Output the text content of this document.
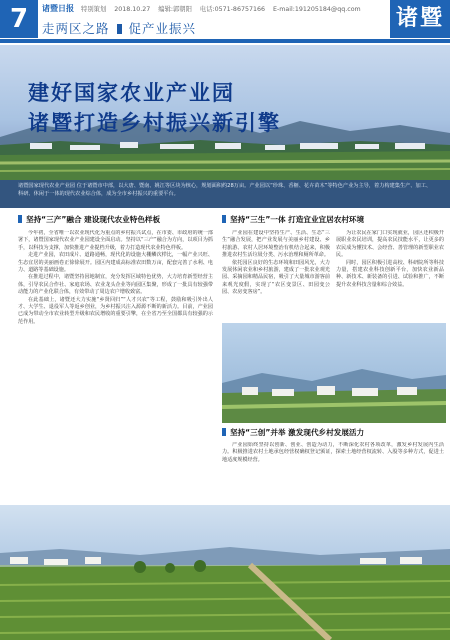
7	诸暨日报 特别策划 2018.10.27 编辑:郭朝阳 电话:0571-86757166 E-mail:191205184@qq.com
走两区之路 促产业振兴	诸暨
建好国家农业产业园
诸暨打造乡村振兴新引擎
诸暨国家现代农业产业园 位于诸暨市中部，以大唐、暨南、姚江等区块为核心，规划面积约28万亩。产业园以“珍珠、香榧、花卉苗木”等特色产业为主导，着力构建集生产、加工、科研、休闲于一体的现代农业综合体，成为全市乡村振兴的重要平台。
坚持“三产”融合 建设现代农业特色样板

今年初，全省唯一以农业现代化为重点的乡村振兴试点，在市委、市政府的统一部署下，诸暨国家现代农业产业园建设全面启动。坚持以“三产”融合为方向，以项目为抓手，以科技为支撑，加快推进产业提档升级，着力打造现代农业特色样板。

走进产业园，农田成片、道路通畅，现代化的设施大棚鳞次栉比，一幅产业兴旺、生态宜居的美丽画卷正徐徐展开。园区内建成高标准农田数万亩，配套完善了水利、电力、道路等基础设施。

在推进过程中，诸暨坚持因地制宜，充分发挥区域特色优势，大力培育新型经营主体，引导农民合作社、家庭农场、农业龙头企业等向园区集聚，形成了一批具有较强带动能力的产业化联合体，有效带动了周边农户增收致富。

在此基础上，诸暨还大力实施“乡贤回归”“人才兴农”等工程，鼓励和吸引外出人才、大学生、退役军人等返乡创业，为乡村振兴注入源源不断的新活力。目前，产业园已成为带动全市农业转型升级和农民增收的重要引擎，在全省乃至全国都具有较强的示范作用。

坚持“三生”一体 打造宜业宜居农村环境

产业园在建设中坚持生产、生活、生态“三生”融合发展，把产业发展与美丽乡村建设、乡村旅游、农村人居环境整治有机结合起来，积极推进农村生活垃圾分类、污水治理和厕所革命。

依托园区良好的生态环境和田园风光，大力发展休闲农业和乡村旅游，建成了一批农业观光园、采摘园和精品民宿，吸引了大量城市游客前来观光度假，实现了“农区变景区、田园变公园、农房变客房”。

为让农民在家门口实现就业，园区还积极开展职业农民培训，提高农民技能水平，让更多的农民成为懂技术、会经营、善管理的新型职业农民。

同时，园区积极引进高校、科研院所等科技力量，搭建农业科技创新平台，加快农业新品种、新技术、新装备的引进、试验和推广，不断提升农业科技含量和综合效益。

坚持“三创”并举 激发现代乡村发展活力

产业园始终坚持以创新、创业、创造为动力，不断深化农村各项改革，激发乡村发展内生活力。积极推进农村土地承包经营权确权登记颁证，探索土地经营权流转、入股等多种方式，促进土地适度规模经营。
